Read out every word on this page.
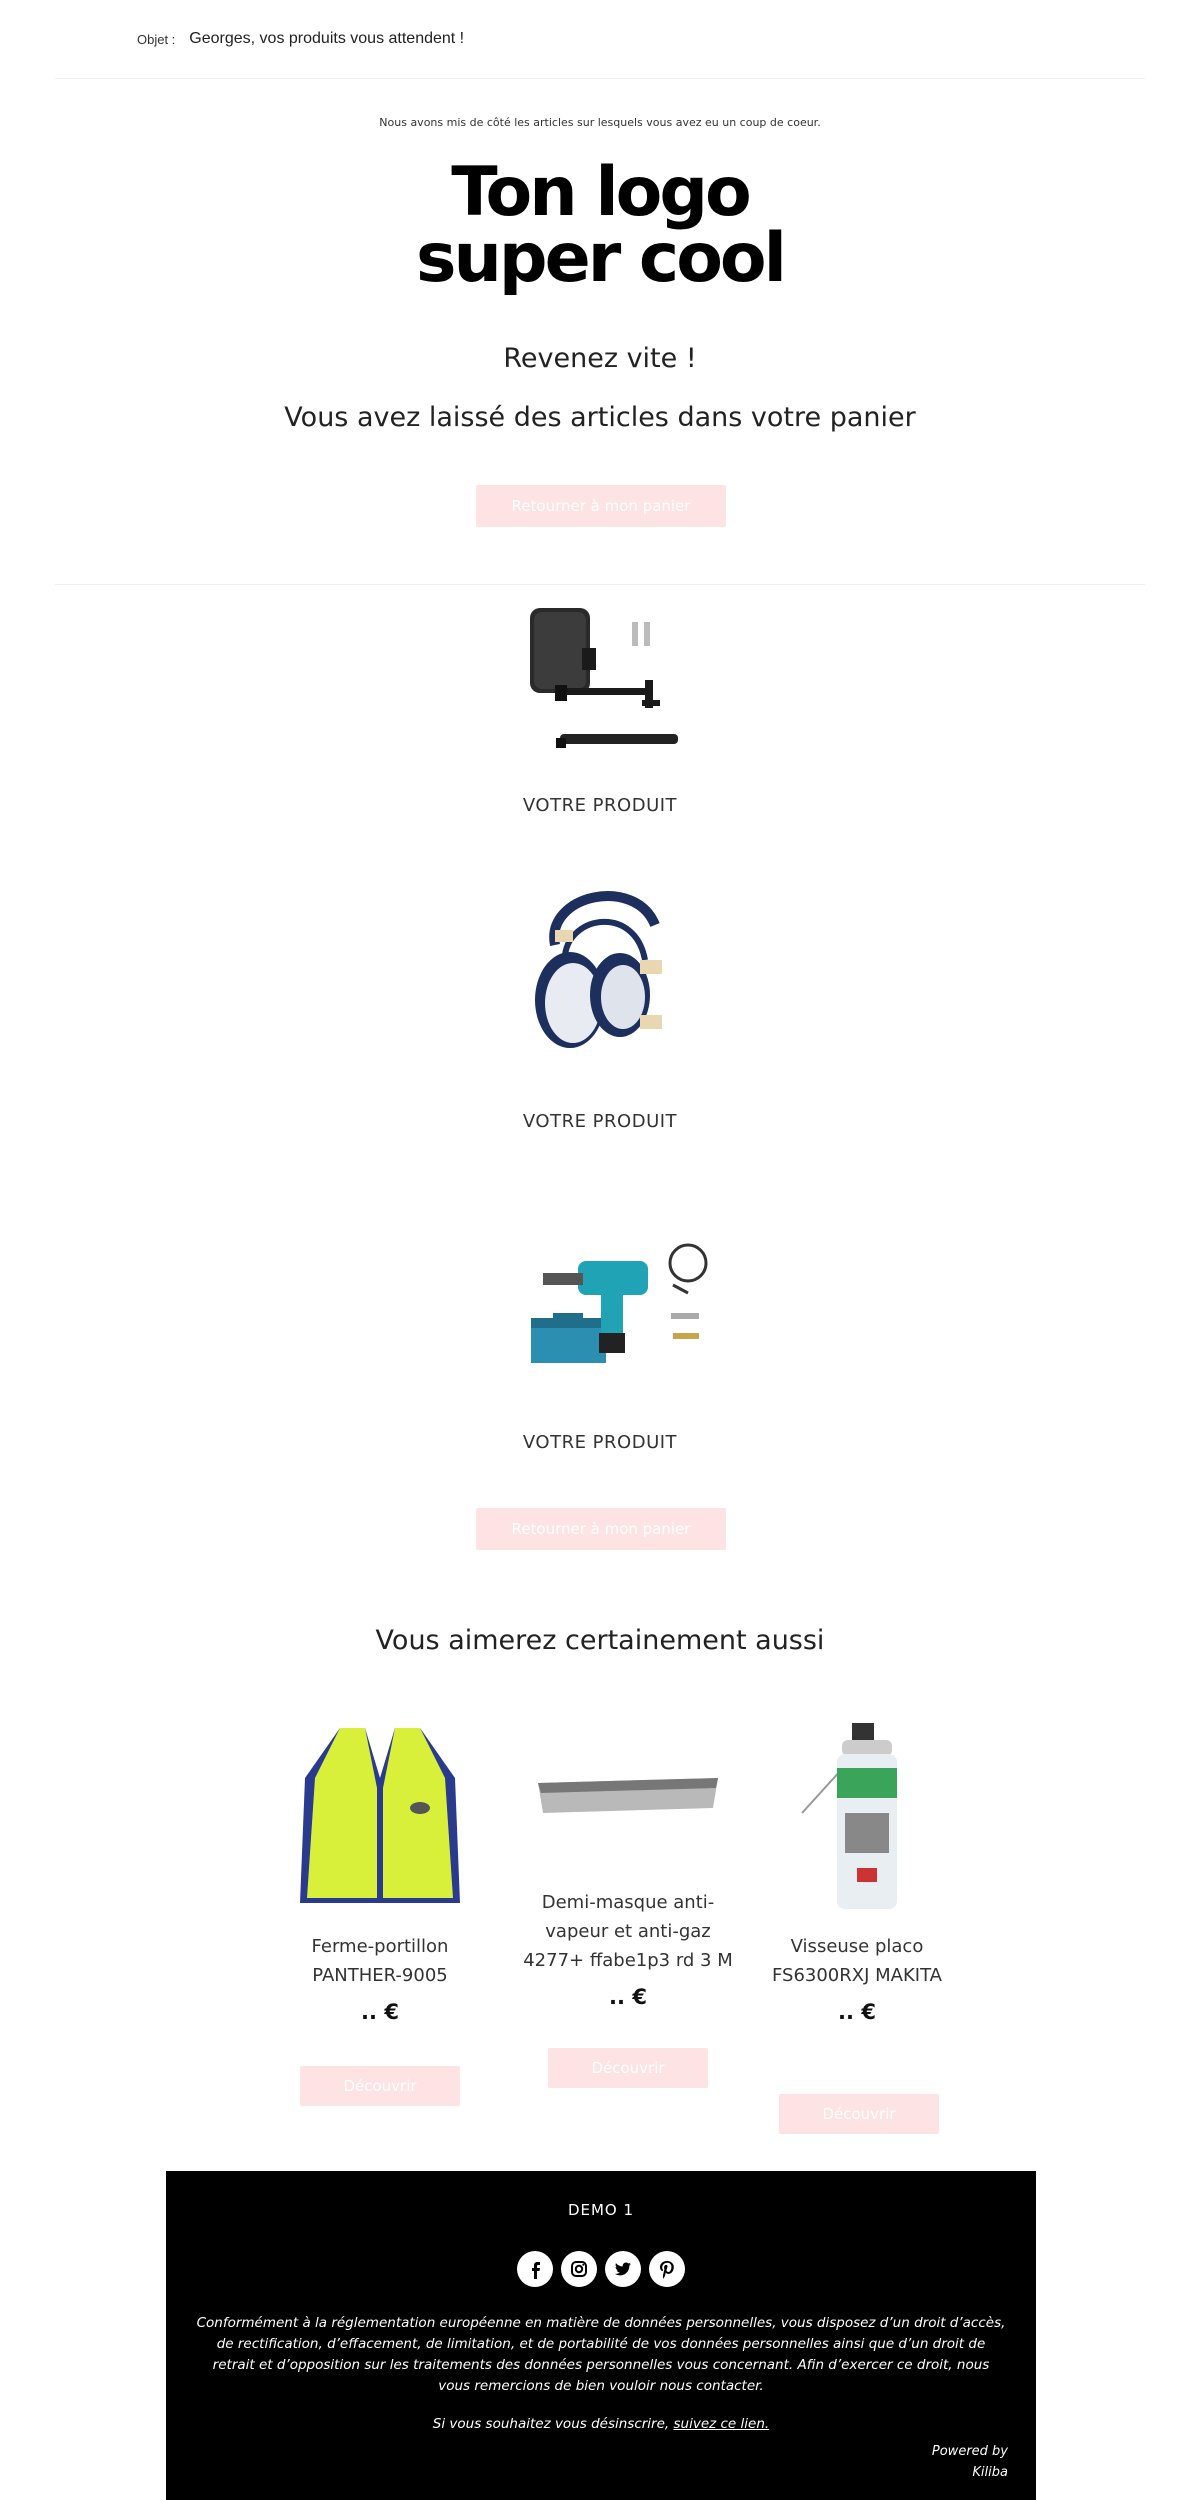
Objet : Georges, vos produits vous attendent !
Nous avons mis de côté les articles sur lesquels vous avez eu un coup de coeur.
Ton logo
super cool
Revenez vite !
Vous avez laissé des articles dans votre panier
Retourner à mon panier
VOTRE PRODUIT
VOTRE PRODUIT
VOTRE PRODUIT
Retourner à mon panier
Vous aimerez certainement aussi
Ferme-portillon PANTHER-9005
.. €
Découvrir
Demi-masque anti-vapeur et anti-gaz 4277+ ffabe1p3 rd 3 M
.. €
Découvrir
Visseuse placo FS6300RXJ MAKITA
.. €
Découvrir
DEMO 1
Conformément à la réglementation européenne en matière de données personnelles, vous disposez d’un droit d’accès, de rectification, d’effacement, de limitation, et de portabilité de vos données personnelles ainsi que d’un droit de retrait et d’opposition sur les traitements des données personnelles vous concernant. Afin d’exercer ce droit, nous vous remercions de bien vouloir nous contacter.
Si vous souhaitez vous désinscrire, suivez ce lien.
Powered by
Kiliba
